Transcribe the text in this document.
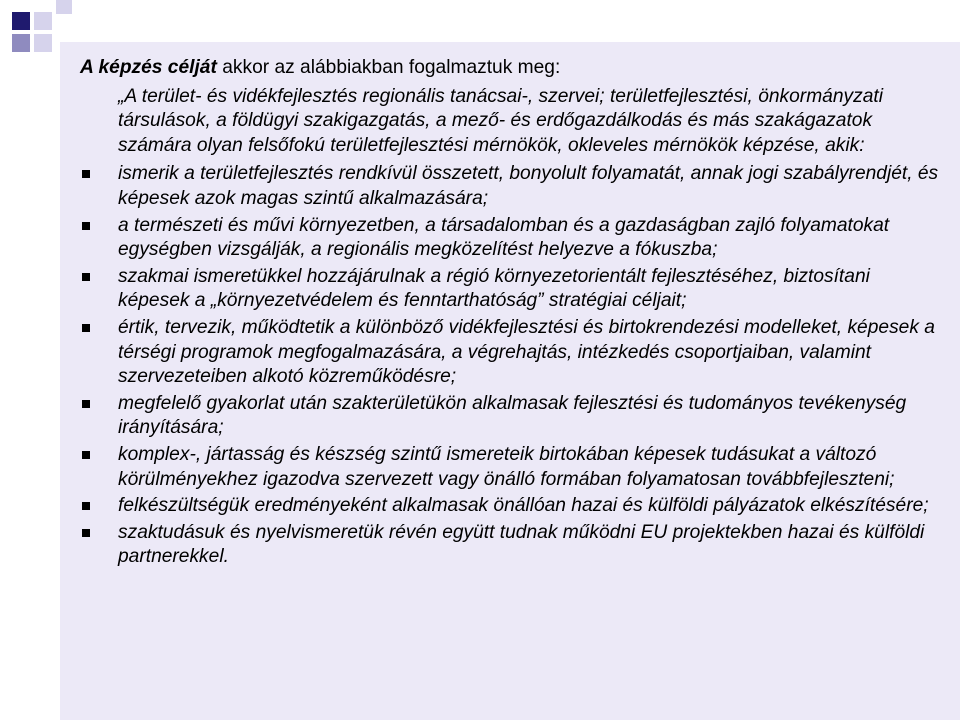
A képzés célját akkor az alábbiakban fogalmaztuk meg:

„A terület- és vidékfejlesztés regionális tanácsai-, szervei; területfejlesztési, önkormányzati társulások, a földügyi szakigazgatás, a mező- és erdőgazdálkodás és más szakágazatok számára olyan felsőfokú területfejlesztési mérnökök, okleveles mérnökök képzése, akik:

ismerik a területfejlesztés rendkívül összetett, bonyolult folyamatát, annak jogi szabályrendjét, és képesek azok magas szintű alkalmazására;
a természeti és művi környezetben, a társadalomban és a gazdaságban zajló folyamatokat egységben vizsgálják, a regionális megközelítést helyezve a fókuszba;
szakmai ismeretükkel hozzájárulnak a régió környezetorientált fejlesztéséhez, biztosítani képesek a „környezetvédelem és fenntarthatóság” stratégiai céljait;
értik, tervezik, működtetik a különböző vidékfejlesztési és birtokrendezési modelleket, képesek a térségi programok megfogalmazására, a végrehajtás, intézkedés csoportjaiban, valamint szervezeteiben alkotó közreműködésre;
megfelelő gyakorlat után szakterületükön alkalmasak fejlesztési és tudományos tevékenység irányítására;
komplex-, jártasság és készség szintű ismereteik birtokában képesek tudásukat a változó körülményekhez igazodva szervezett vagy önálló formában folyamatosan továbbfejleszteni;
felkészültségük eredményeként alkalmasak önállóan hazai és külföldi pályázatok elkészítésére;
szaktudásuk és nyelvismeretük révén együtt tudnak működni EU projektekben hazai és külföldi partnerekkel.
